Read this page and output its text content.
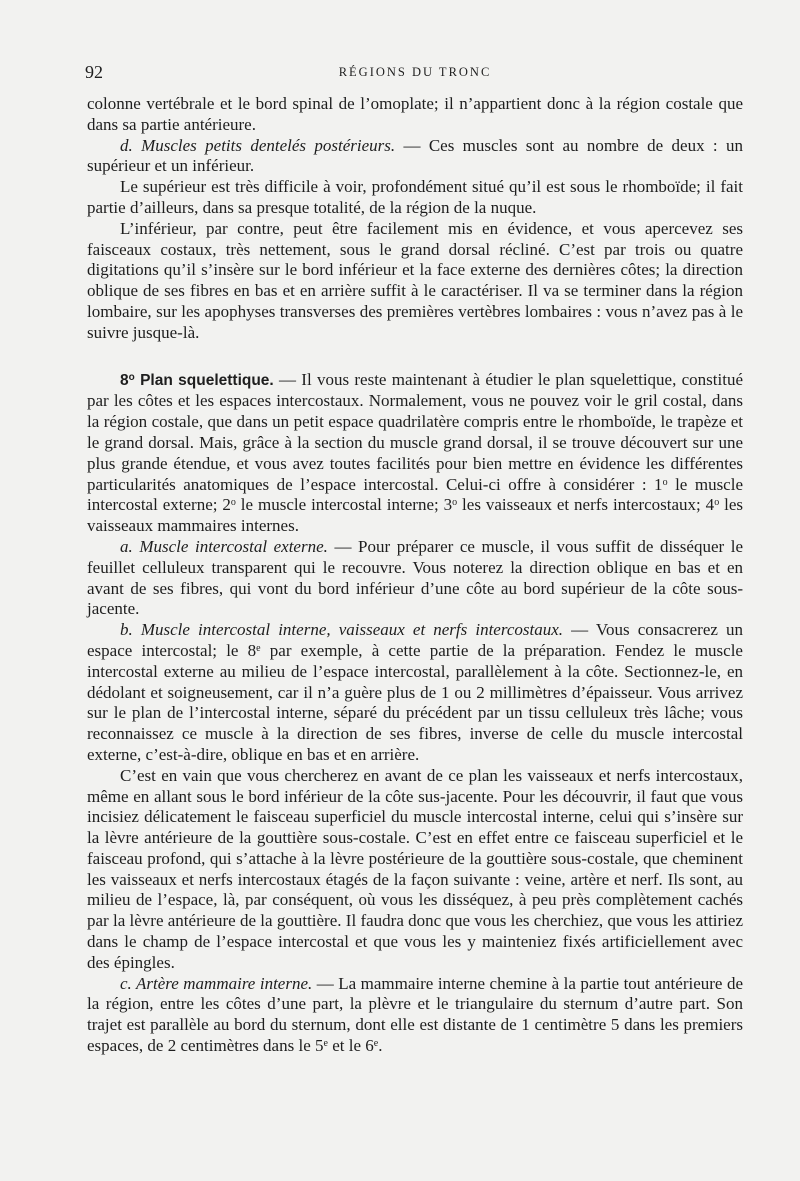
92	RÉGIONS DU TRONC

colonne vertébrale et le bord spinal de l’omoplate; il n’appartient donc à la région costale que dans sa partie antérieure.

d. Muscles petits dentelés postérieurs. — Ces muscles sont au nombre de deux : un supérieur et un inférieur.

Le supérieur est très difficile à voir, profondément situé qu’il est sous le rhomboïde; il fait partie d’ailleurs, dans sa presque totalité, de la région de la nuque.

L’inférieur, par contre, peut être facilement mis en évidence, et vous apercevez ses faisceaux costaux, très nettement, sous le grand dorsal récliné. C’est par trois ou quatre digitations qu’il s’insère sur le bord inférieur et la face externe des dernières côtes; la direction oblique de ses fibres en bas et en arrière suffit à le caractériser. Il va se terminer dans la région lombaire, sur les apophyses transverses des premières vertèbres lombaires : vous n’avez pas à le suivre jusque-là.

8$^o$ Plan squelettique. — Il vous reste maintenant à étudier le plan squelettique, constitué par les côtes et les espaces intercostaux. Normalement, vous ne pouvez voir le gril costal, dans la région costale, que dans un petit espace quadrilatère compris entre le rhomboïde, le trapèze et le grand dorsal. Mais, grâce à la section du muscle grand dorsal, il se trouve découvert sur une plus grande étendue, et vous avez toutes facilités pour bien mettre en évidence les différentes particularités anatomiques de l’espace intercostal. Celui-ci offre à considérer : 1$^o$ le muscle intercostal externe; 2$^o$ le muscle intercostal interne; 3$^o$ les vaisseaux et nerfs intercostaux; 4$^o$ les vaisseaux mammaires internes.

a. Muscle intercostal externe. — Pour préparer ce muscle, il vous suffit de disséquer le feuillet celluleux transparent qui le recouvre. Vous noterez la direction oblique en bas et en avant de ses fibres, qui vont du bord inférieur d’une côte au bord supérieur de la côte sous-jacente.

b. Muscle intercostal interne, vaisseaux et nerfs intercostaux. — Vous consacrerez un espace intercostal; le 8e par exemple, à cette partie de la préparation. Fendez le muscle intercostal externe au milieu de l’espace intercostal, parallèlement à la côte. Sectionnez-le, en dédolant et soigneusement, car il n’a guère plus de 1 ou 2 millimètres d’épaisseur. Vous arrivez sur le plan de l’intercostal interne, séparé du précédent par un tissu celluleux très lâche; vous reconnaissez ce muscle à la direction de ses fibres, inverse de celle du muscle intercostal externe, c’est-à-dire, oblique en bas et en arrière.

C’est en vain que vous chercherez en avant de ce plan les vaisseaux et nerfs intercostaux, même en allant sous le bord inférieur de la côte sus-jacente. Pour les découvrir, il faut que vous incisiez délicatement le faisceau superficiel du muscle intercostal interne, celui qui s’insère sur la lèvre antérieure de la gouttière sous-costale. C’est en effet entre ce faisceau superficiel et le faisceau profond, qui s’attache à la lèvre postérieure de la gouttière sous-costale, que cheminent les vaisseaux et nerfs intercostaux étagés de la façon suivante : veine, artère et nerf. Ils sont, au milieu de l’espace, là, par conséquent, où vous les disséquez, à peu près complètement cachés par la lèvre antérieure de la gouttière. Il faudra donc que vous les cherchiez, que vous les attiriez dans le champ de l’espace intercostal et que vous les y mainteniez fixés artificiellement avec des épingles.

c. Artère mammaire interne. — La mammaire interne chemine à la partie tout antérieure de la région, entre les côtes d’une part, la plèvre et le triangulaire du sternum d’autre part. Son trajet est parallèle au bord du sternum, dont elle est distante de 1 centimètre 5 dans les premiers espaces, de 2 centimètres dans le 5e et le 6e.
